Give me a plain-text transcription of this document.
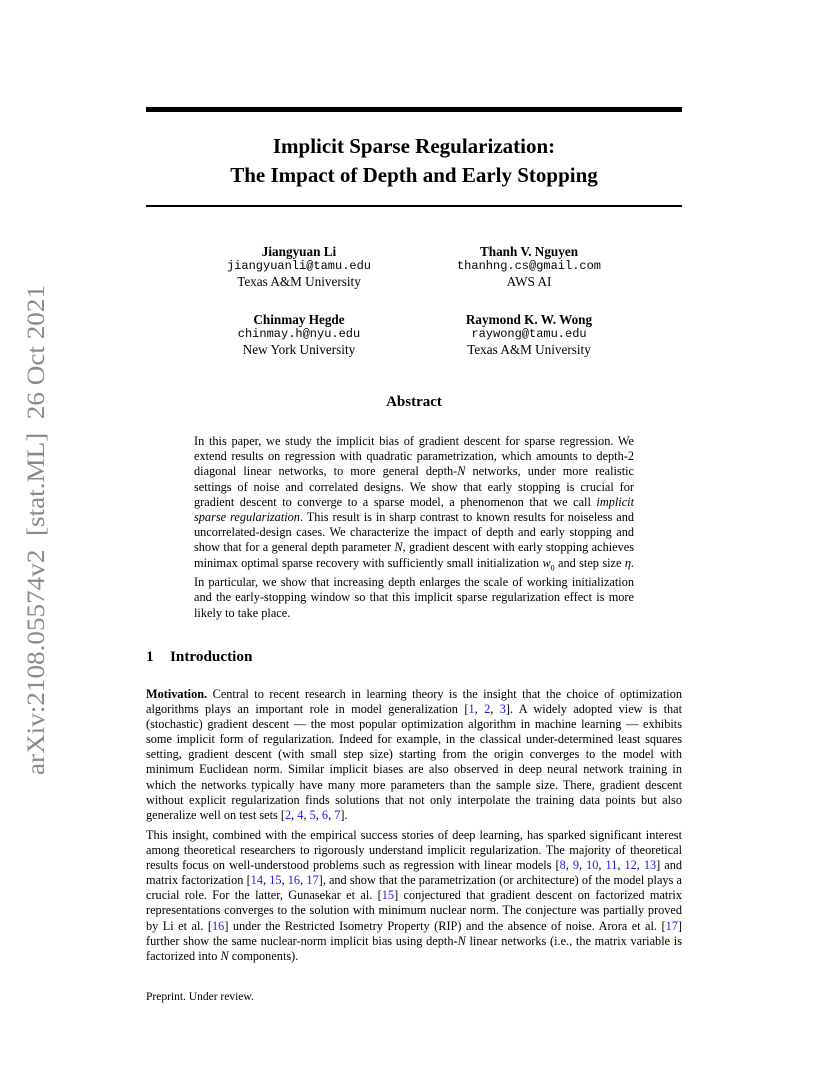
arXiv:2108.05574v2  [stat.ML]  26 Oct 2021
Implicit Sparse Regularization:
The Impact of Depth and Early Stopping
Jiangyuan Li
jiangyuanli@tamu.edu
Texas A&M University
Thanh V. Nguyen
thanhng.cs@gmail.com
AWS AI
Chinmay Hegde
chinmay.h@nyu.edu
New York University
Raymond K. W. Wong
raywong@tamu.edu
Texas A&M University
Abstract
In this paper, we study the implicit bias of gradient descent for sparse regression. We extend results on regression with quadratic parametrization, which amounts to depth-2 diagonal linear networks, to more general depth-N networks, under more realistic settings of noise and correlated designs. We show that early stopping is crucial for gradient descent to converge to a sparse model, a phenomenon that we call implicit sparse regularization. This result is in sharp contrast to known results for noiseless and uncorrelated-design cases. We characterize the impact of depth and early stopping and show that for a general depth parameter N, gradient descent with early stopping achieves minimax optimal sparse recovery with sufficiently small initialization $w_0$ and step size η. In particular, we show that increasing depth enlarges the scale of working initialization and the early-stopping window so that this implicit sparse regularization effect is more likely to take place.
1 Introduction
Motivation. Central to recent research in learning theory is the insight that the choice of optimization algorithms plays an important role in model generalization [1, 2, 3]. A widely adopted view is that (stochastic) gradient descent — the most popular optimization algorithm in machine learning — exhibits some implicit form of regularization. Indeed for example, in the classical under-determined least squares setting, gradient descent (with small step size) starting from the origin converges to the model with minimum Euclidean norm. Similar implicit biases are also observed in deep neural network training in which the networks typically have many more parameters than the sample size. There, gradient descent without explicit regularization finds solutions that not only interpolate the training data points but also generalize well on test sets [2, 4, 5, 6, 7].
This insight, combined with the empirical success stories of deep learning, has sparked significant interest among theoretical researchers to rigorously understand implicit regularization. The majority of theoretical results focus on well-understood problems such as regression with linear models [8, 9, 10, 11, 12, 13] and matrix factorization [14, 15, 16, 17], and show that the parametrization (or architecture) of the model plays a crucial role. For the latter, Gunasekar et al. [15] conjectured that gradient descent on factorized matrix representations converges to the solution with minimum nuclear norm. The conjecture was partially proved by Li et al. [16] under the Restricted Isometry Property (RIP) and the absence of noise. Arora et al. [17] further show the same nuclear-norm implicit bias using depth-N linear networks (i.e., the matrix variable is factorized into N components).
Preprint. Under review.
